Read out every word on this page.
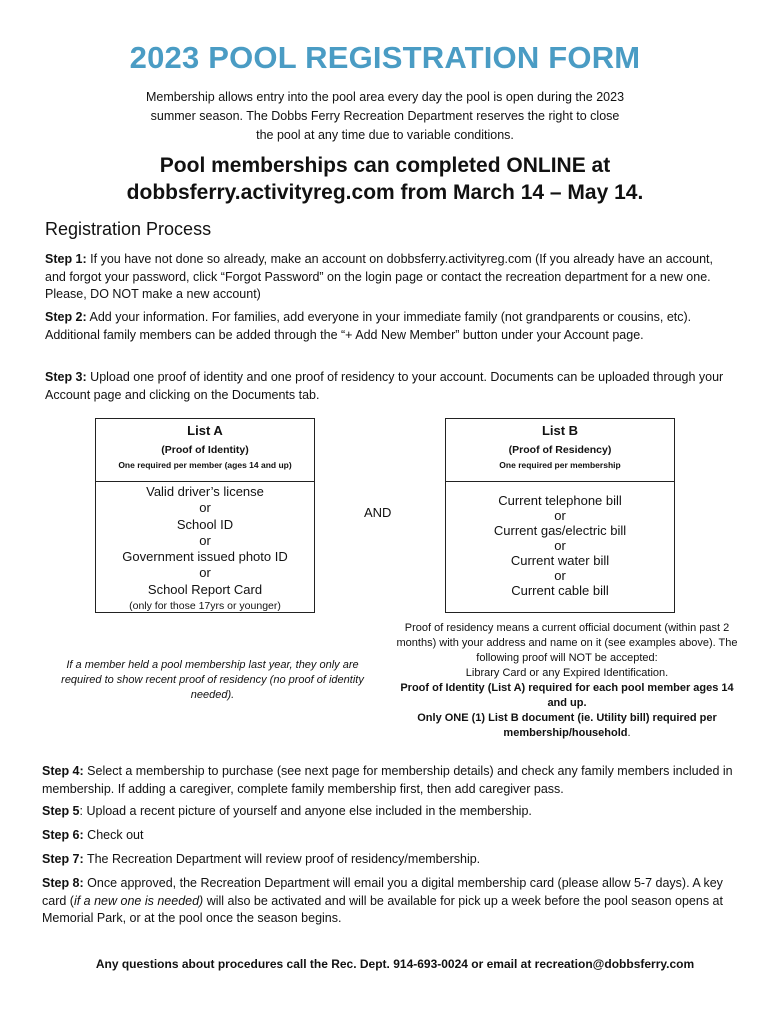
2023 POOL REGISTRATION FORM
Membership allows entry into the pool area every day the pool is open during the 2023
summer season. The Dobbs Ferry Recreation Department reserves the right to close
the pool at any time due to variable conditions.
Pool memberships can completed ONLINE at
dobbsferry.activityreg.com from March 14 – May 14.
Registration Process

Step 1: If you have not done so already, make an account on dobbsferry.activityreg.com (If you already have an account, and forgot your password, click “Forgot Password” on the login page or contact the recreation department for a new one. Please, DO NOT make a new account)

Step 2: Add your information. For families, add everyone in your immediate family (not grandparents or cousins, etc). Additional family members can be added through the “+ Add New Member” button under your Account page.

Step 3: Upload one proof of identity and one proof of residency to your account. Documents can be uploaded through your Account page and clicking on the Documents tab.

List A
(Proof of Identity)
One required per member (ages 14 and up)
Valid driver’s license
or
School ID
or
Government issued photo ID
or
School Report Card
(only for those 17yrs or younger)
AND
List B
(Proof of Residency)
One required per membership
Current telephone bill
or
Current gas/electric bill
or
Current water bill
or
Current cable bill

If a member held a pool membership last year, they only are required to show recent proof of residency (no proof of identity needed).

Proof of residency means a current official document (within past 2 months) with your address and name on it (see examples above). The following proof will NOT be accepted:
Library Card or any Expired Identification.
Proof of Identity (List A) required for each pool member ages 14 and up.
Only ONE (1) List B document (ie. Utility bill) required per membership/household.

Step 4: Select a membership to purchase (see next page for membership details) and check any family members included in membership. If adding a caregiver, complete family membership first, then add caregiver pass.

Step 5: Upload a recent picture of yourself and anyone else included in the membership.

Step 6: Check out

Step 7: The Recreation Department will review proof of residency/membership.

Step 8: Once approved, the Recreation Department will email you a digital membership card (please allow 5-7 days). A key card (if a new one is needed) will also be activated and will be available for pick up a week before the pool season opens at Memorial Park, or at the pool once the season begins.

Any questions about procedures call the Rec. Dept. 914-693-0024 or email at recreation@dobbsferry.com
